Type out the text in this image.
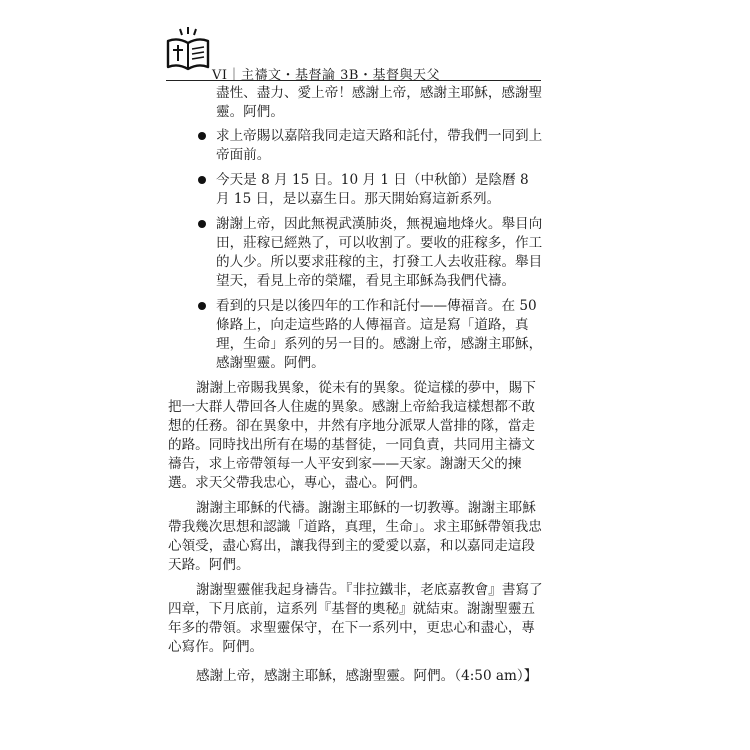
VI｜主禱文・基督論 3B・基督與天父

盡性、盡力、愛上帝！感謝上帝，感謝主耶穌，感謝聖靈。阿們。

求上帝賜以嘉陪我同走這天路和託付，帶我們一同到上帝面前。
今天是 8 月 15 日。10 月 1 日（中秋節）是陰曆 8 月 15 日，是以嘉生日。那天開始寫這新系列。
謝謝上帝，因此無視武漢肺炎，無視遍地烽火。舉目向田，莊稼已經熟了，可以收割了。要收的莊稼多，作工的人少。所以要求莊稼的主，打發工人去收莊稼。舉目望天，看見上帝的榮耀，看見主耶穌為我們代禱。
看到的只是以後四年的工作和託付——傳福音。在 50 條路上，向走這些路的人傳福音。這是寫「道路，真理，生命」系列的另一目的。感謝上帝，感謝主耶穌，感謝聖靈。阿們。

謝謝上帝賜我異象，從未有的異象。從這樣的夢中，賜下把一大群人帶回各人住處的異象。感謝上帝給我這樣想都不敢想的任務。卻在異象中，井然有序地分派眾人當排的隊，當走的路。同時找出所有在場的基督徒，一同負責，共同用主禱文禱告，求上帝帶領每一人平安到家——天家。謝謝天父的揀選。求天父帶我忠心，專心，盡心。阿們。

謝謝主耶穌的代禱。謝謝主耶穌的一切教導。謝謝主耶穌帶我幾次思想和認識「道路，真理，生命」。求主耶穌帶領我忠心領受，盡心寫出，讓我得到主的愛愛以嘉，和以嘉同走這段天路。阿們。

謝謝聖靈催我起身禱告。『非拉鐵非，老底嘉教會』書寫了四章，下月底前，這系列『基督的奧秘』就結束。謝謝聖靈五年多的帶領。求聖靈保守，在下一系列中，更忠心和盡心，專心寫作。阿們。

感謝上帝，感謝主耶穌，感謝聖靈。阿們。（4:50 am）】
